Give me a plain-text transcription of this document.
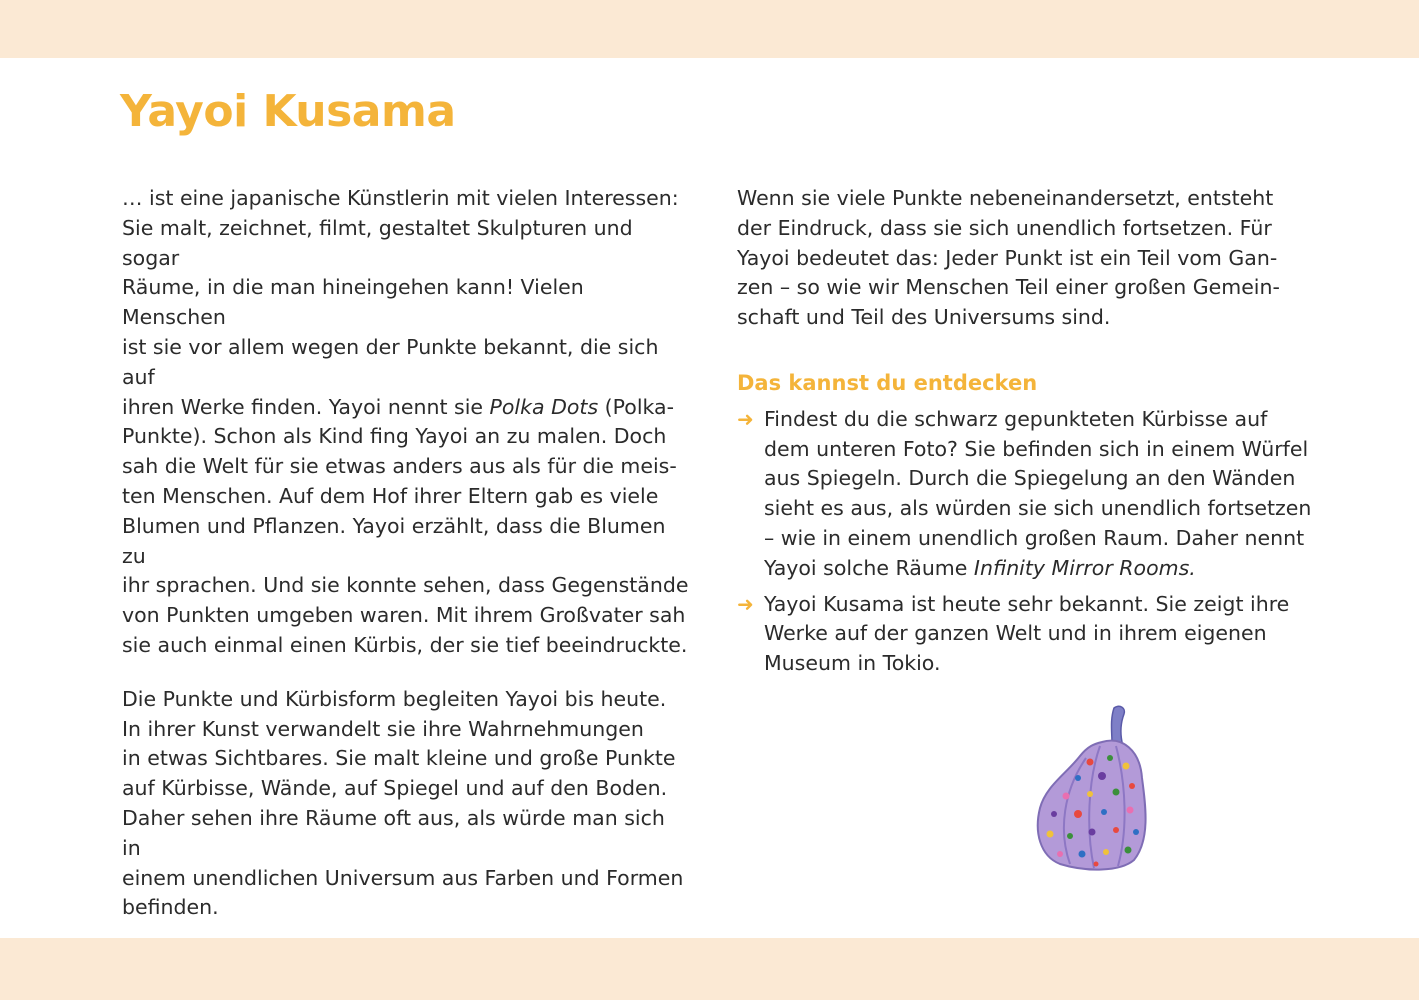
Yayoi Kusama

… ist eine japanische Künstlerin mit vielen Interessen:
Sie malt, zeichnet, filmt, gestaltet Skulpturen und sogar
Räume, in die man hineingehen kann! Vielen Menschen
ist sie vor allem wegen der Punkte bekannt, die sich auf
ihren Werke finden. Yayoi nennt sie Polka Dots (Polka-
Punkte). Schon als Kind fing Yayoi an zu malen. Doch
sah die Welt für sie etwas anders aus als für die meis-
ten Menschen. Auf dem Hof ihrer Eltern gab es viele
Blumen und Pflanzen. Yayoi erzählt, dass die Blumen zu
ihr sprachen. Und sie konnte sehen, dass Gegenstände
von Punkten umgeben waren. Mit ihrem Großvater sah
sie auch einmal einen Kürbis, der sie tief beeindruckte.

Die Punkte und Kürbisform begleiten Yayoi bis heute.
In ihrer Kunst verwandelt sie ihre Wahrnehmungen
in etwas Sichtbares. Sie malt kleine und große Punkte
auf Kürbisse, Wände, auf Spiegel und auf den Boden.
Daher sehen ihre Räume oft aus, als würde man sich in
einem unendlichen Universum aus Farben und Formen
befinden.

Wenn sie viele Punkte nebeneinandersetzt, entsteht
der Eindruck, dass sie sich unendlich fortsetzen. Für
Yayoi bedeutet das: Jeder Punkt ist ein Teil vom Gan-
zen – so wie wir Menschen Teil einer großen Gemein-
schaft und Teil des Universums sind.

Das kannst du entdecken
➜ Findest du die schwarz gepunkteten Kürbisse auf
dem unteren Foto? Sie befinden sich in einem Würfel
aus Spiegeln. Durch die Spiegelung an den Wänden
sieht es aus, als würden sie sich unendlich fortsetzen
– wie in einem unendlich großen Raum. Daher nennt
Yayoi solche Räume Infinity Mirror Rooms.
➜ Yayoi Kusama ist heute sehr bekannt. Sie zeigt ihre
Werke auf der ganzen Welt und in ihrem eigenen
Museum in Tokio.
